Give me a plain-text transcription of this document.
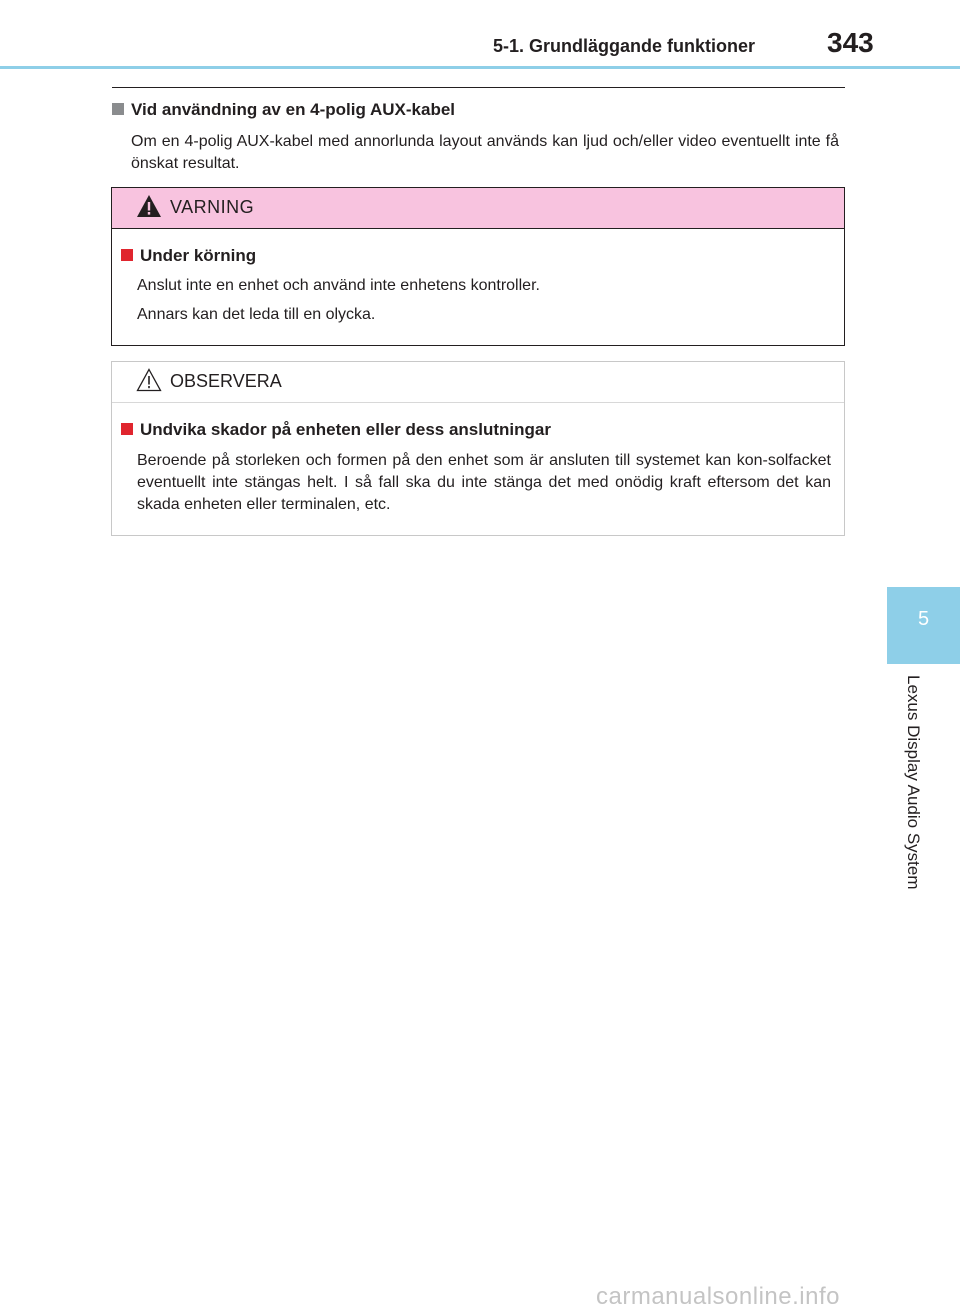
5-1. Grundläggande funktioner	343
Vid användning av en 4-polig AUX-kabel
Om en 4-polig AUX-kabel med annorlunda layout används kan ljud och/eller video eventuellt inte få önskat resultat.
VARNING
Under körning
Anslut inte en enhet och använd inte enhetens kontroller.
Annars kan det leda till en olycka.
OBSERVERA
Undvika skador på enheten eller dess anslutningar
Beroende på storleken och formen på den enhet som är ansluten till systemet kan kon-solfacket eventuellt inte stängas helt. I så fall ska du inte stänga det med onödig kraft eftersom det kan skada enheten eller terminalen, etc.
5
Lexus Display Audio System
carmanualsonline.info
